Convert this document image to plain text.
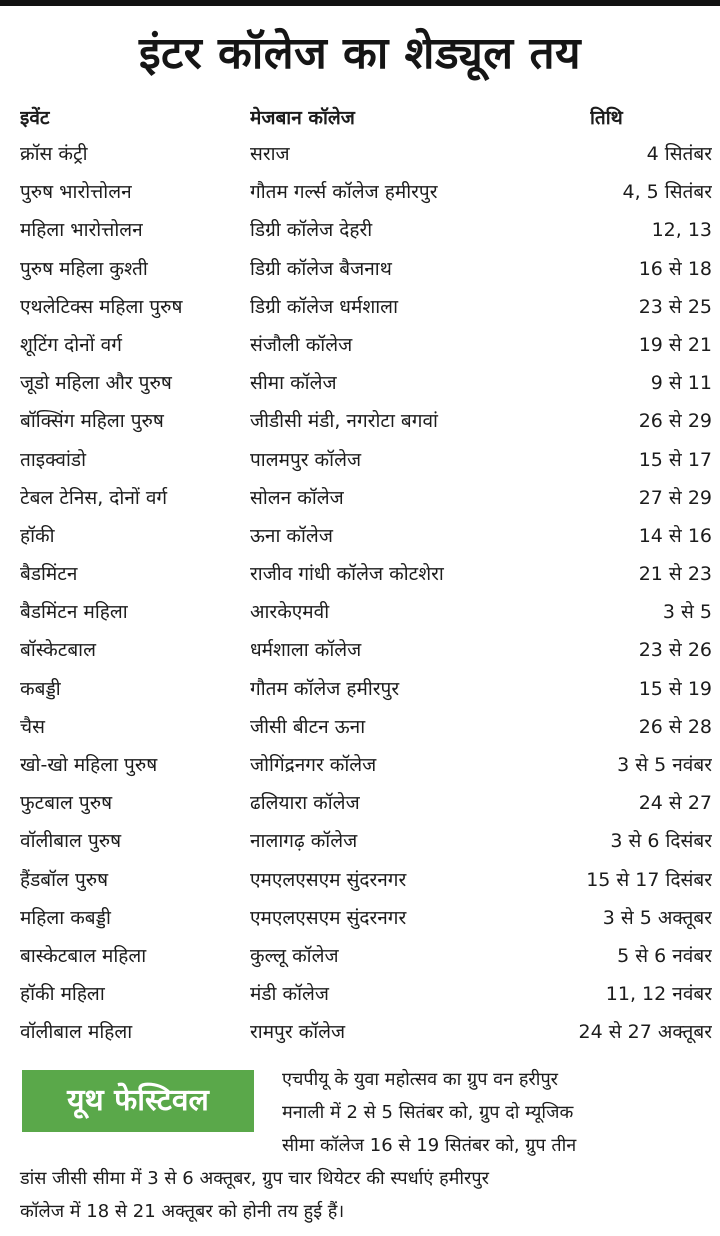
इंटर कॉलेज का शेड्यूल तय
इवेंट	मेजबान कॉलेज	तिथि
क्रॉस कंट्री	सराज	4 सितंबर
पुरुष भारोत्तोलन	गौतम गर्ल्स कॉलेज हमीरपुर	4, 5 सितंबर
महिला भारोत्तोलन	डिग्री कॉलेज देहरी	12, 13
पुरुष महिला कुश्ती	डिग्री कॉलेज बैजनाथ	16 से 18
एथलेटिक्स महिला पुरुष	डिग्री कॉलेज धर्मशाला	23 से 25
शूटिंग दोनों वर्ग	संजौली कॉलेज	19 से 21
जूडो महिला और पुरुष	सीमा कॉलेज	9 से 11
बॉक्सिंग महिला पुरुष	जीडीसी मंडी, नगरोटा बगवां	26 से 29
ताइक्वांडो	पालमपुर कॉलेज	15 से 17
टेबल टेनिस, दोनों वर्ग	सोलन कॉलेज	27 से 29
हॉकी	ऊना कॉलेज	14 से 16
बैडमिंटन	राजीव गांधी कॉलेज कोटशेरा	21 से 23
बैडमिंटन महिला	आरकेएमवी	3 से 5
बॉस्केटबाल	धर्मशाला कॉलेज	23 से 26
कबड्डी	गौतम कॉलेज हमीरपुर	15 से 19
चैस	जीसी बीटन ऊना	26 से 28
खो-खो महिला पुरुष	जोगिंद्रनगर कॉलेज	3 से 5 नवंबर
फुटबाल पुरुष	ढलियारा कॉलेज	24 से 27
वॉलीबाल पुरुष	नालागढ़ कॉलेज	3 से 6 दिसंबर
हैंडबॉल पुरुष	एमएलएसएम सुंदरनगर	15 से 17 दिसंबर
महिला कबड्डी	एमएलएसएम सुंदरनगर	3 से 5 अक्तूबर
बास्केटबाल महिला	कुल्लू कॉलेज	5 से 6 नवंबर
हॉकी महिला	मंडी कॉलेज	11, 12 नवंबर
वॉलीबाल महिला	रामपुर कॉलेज	24 से 27 अक्तूबर
यूथ फेस्टिवल
एचपीयू के युवा महोत्सव का ग्रुप वन हरीपुर
मनाली में 2 से 5 सितंबर को, ग्रुप दो म्यूजिक
सीमा कॉलेज 16 से 19 सितंबर को, ग्रुप तीन
डांस जीसी सीमा में 3 से 6 अक्तूबर, ग्रुप चार थियेटर की स्पर्धाएं हमीरपुर
कॉलेज में 18 से 21 अक्तूबर को होनी तय हुई हैं।
